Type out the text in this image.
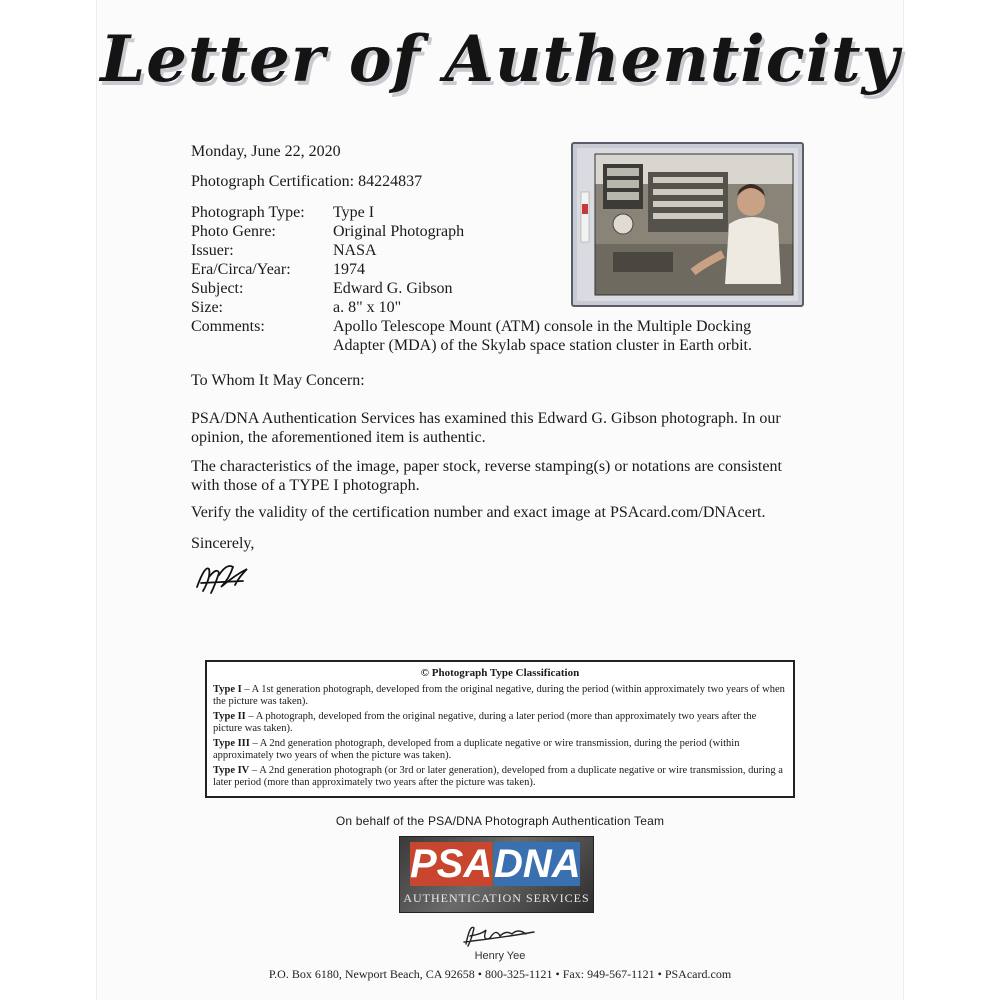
Letter of Authenticity
Monday, June 22, 2020
Photograph Certification: 84224837
Photograph Type:	Type I
Photo Genre:	Original Photograph
Issuer:	NASA
Era/Circa/Year:	1974
Subject:	Edward G. Gibson
Size:	a. 8" x 10"
Comments:	Apollo Telescope Mount (ATM) console in the Multiple Docking Adapter (MDA) of the Skylab space station cluster in Earth orbit.
To Whom It May Concern:
PSA/DNA Authentication Services has examined this Edward G. Gibson photograph. In our opinion, the aforementioned item is authentic.
The characteristics of the image, paper stock, reverse stamping(s) or notations are consistent with those of a TYPE I photograph.
Verify the validity of the certification number and exact image at PSAcard.com/DNAcert.
Sincerely,
© Photograph Type Classification
Type I – A 1st generation photograph, developed from the original negative, during the period (within approximately two years of when the picture was taken).
Type II – A photograph, developed from the original negative, during a later period (more than approximately two years after the picture was taken).
Type III – A 2nd generation photograph, developed from a duplicate negative or wire transmission, during the period (within approximately two years of when the picture was taken).
Type IV – A 2nd generation photograph (or 3rd or later generation), developed from a duplicate negative or wire transmission, during a later period (more than approximately two years after the picture was taken).
On behalf of the PSA/DNA Photograph Authentication Team
PSA DNA
AUTHENTICATION SERVICES
Henry Yee
P.O. Box 6180, Newport Beach, CA 92658 • 800-325-1121 • Fax: 949-567-1121 • PSAcard.com
